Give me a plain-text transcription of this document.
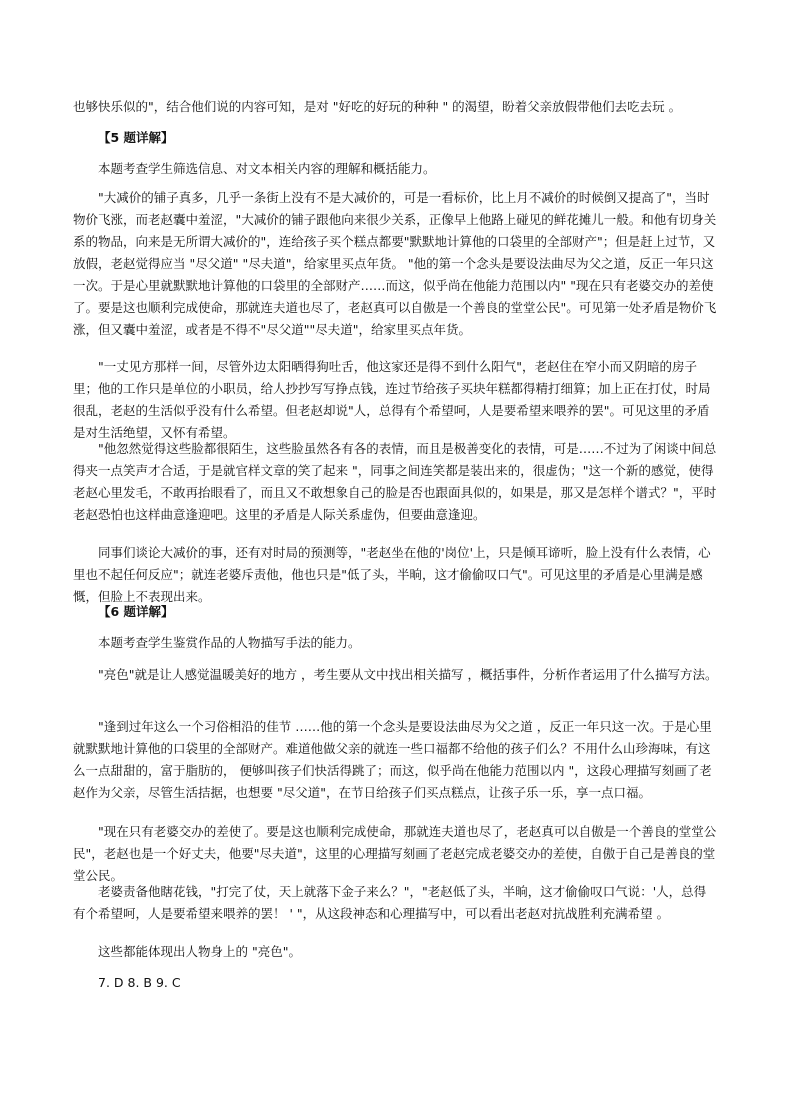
也够快乐似的"，结合他们说的内容可知，是对 "好吃的好玩的种种 " 的渴望，盼着父亲放假带他们去吃去玩 。

【5 题详解】

本题考查学生筛选信息、对文本相关内容的理解和概括能力。

"大减价的铺子真多，几乎一条街上没有不是大减价的，可是一看标价，比上月不减价的时候倒又提高了"，当时物价飞涨，而老赵囊中羞涩，"大减价的铺子跟他向来很少关系，正像早上他路上碰见的鲜花摊儿一般。和他有切身关系的物品，向来是无所谓大减价的"，连给孩子买个糕点都要"默默地计算他的口袋里的全部财产"；但是赶上过节，又放假，老赵觉得应当 "尽父道" "尽夫道"，给家里买点年货。 "他的第一个念头是要设法曲尽为父之道，反正一年只这一次。于是心里就默默地计算他的口袋里的全部财产……而这，似乎尚在他能力范围以内" "现在只有老婆交办的差使了。要是这也顺利完成使命，那就连夫道也尽了，老赵真可以自傲是一个善良的堂堂公民"。可见第一处矛盾是物价飞涨，但又囊中羞涩，或者是不得不"尽父道""尽夫道"，给家里买点年货。

"一丈见方那样一间，尽管外边太阳晒得狗吐舌，他这家还是得不到什么阳气"，老赵住在窄小而又阴暗的房子里；他的工作只是单位的小职员，给人抄抄写写挣点钱，连过节给孩子买块年糕都得精打细算；加上正在打仗，时局很乱，老赵的生活似乎没有什么希望。但老赵却说"人，总得有个希望呵，人是要希望来喂养的罢"。可见这里的矛盾是对生活绝望，又怀有希望。

"他忽然觉得这些脸都很陌生，这些脸虽然各有各的表情，而且是极善变化的表情，可是……不过为了闲谈中间总得夹一点笑声才合适，于是就官样文章的笑了起来 "，同事之间连笑都是装出来的，很虚伪；"这一个新的感觉，使得老赵心里发毛，不敢再抬眼看了，而且又不敢想象自己的脸是否也跟面具似的，如果是，那又是怎样个谱式？"，平时老赵恐怕也这样曲意逢迎吧。这里的矛盾是人际关系虚伪，但要曲意逢迎。

同事们谈论大减价的事，还有对时局的预测等，"老赵坐在他的'岗位'上，只是倾耳谛听，脸上没有什么表情，心里也不起任何反应"；就连老婆斥责他，他也只是"低了头，半晌，这才偷偷叹口气"。可见这里的矛盾是心里满是感慨，但脸上不表现出来。

【6 题详解】

本题考查学生鉴赏作品的人物描写手法的能力。

"亮色"就是让人感觉温暖美好的地方 ，考生要从文中找出相关描写 ，概括事件，分析作者运用了什么描写方法。

"逢到过年这么一个习俗相沿的佳节 ……他的第一个念头是要设法曲尽为父之道 ，反正一年只这一次。于是心里就默默地计算他的口袋里的全部财产。难道他做父亲的就连一些口福都不给他的孩子们么？不用什么山珍海味，有这么一点甜甜的，富于脂肪的， 便够叫孩子们快活得跳了；而这，似乎尚在他能力范围以内 "，这段心理描写刻画了老赵作为父亲，尽管生活拮据，也想要 "尽父道"，在节日给孩子们买点糕点，让孩子乐一乐，享一点口福。

"现在只有老婆交办的差使了。要是这也顺利完成使命，那就连夫道也尽了，老赵真可以自傲是一个善良的堂堂公民"，老赵也是一个好丈夫，他要"尽夫道"，这里的心理描写刻画了老赵完成老婆交办的差使，自傲于自己是善良的堂堂公民。

老婆责备他瞎花钱，"打完了仗，天上就落下金子来么？"，"老赵低了头，半晌，这才偷偷叹口气说：'人，总得有个希望呵，人是要希望来喂养的罢！ ' "，从这段神态和心理描写中，可以看出老赵对抗战胜利充满希望 。

这些都能体现出人物身上的 "亮色"。

7. D 8. B 9. C
